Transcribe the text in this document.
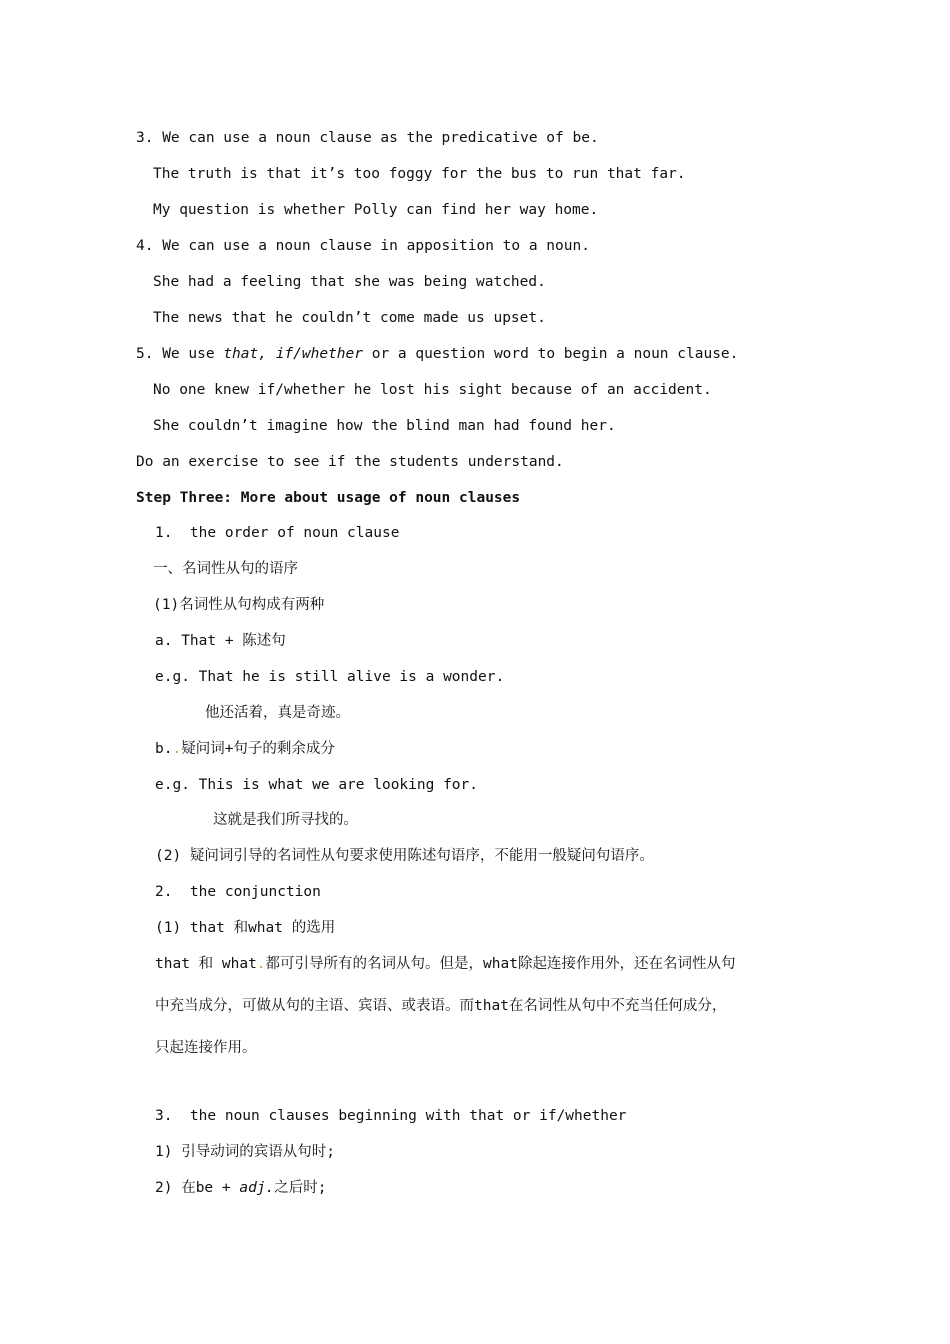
3. We can use a noun clause as the predicative of be.
The truth is that it’s too foggy for the bus to run that far.
My question is whether Polly can find her way home.
4. We can use a noun clause in apposition to a noun.
She had a feeling that she was being watched.
The news that he couldn’t come made us upset.
5. We use that, if/whether or a question word to begin a noun clause.
No one knew if/whether he lost his sight because of an accident.
She couldn’t imagine how the blind man had found her.
Do an exercise to see if the students understand.
Step Three: More about usage of noun clauses
1.  the order of noun clause
一、名词性从句的语序
(1)名词性从句构成有两种
a. That + 陈述句
e.g. That he is still alive is a wonder.
他还活着，真是奇迹。
b..疑问词+句子的剩余成分
e.g. This is what we are looking for.
这就是我们所寻找的。
(2) 疑问词引导的名词性从句要求使用陈述句语序，不能用一般疑问句语序。
2.  the conjunction
(1) that 和what 的选用
that 和 what.都可引导所有的名词从句。但是，what除起连接作用外，还在名词性从句
中充当成分，可做从句的主语、宾语、或表语。而that在名词性从句中不充当任何成分，
只起连接作用。
3.  the noun clauses beginning with that or if/whether
1) 引导动词的宾语从句时;
2) 在be + adj.之后时;
